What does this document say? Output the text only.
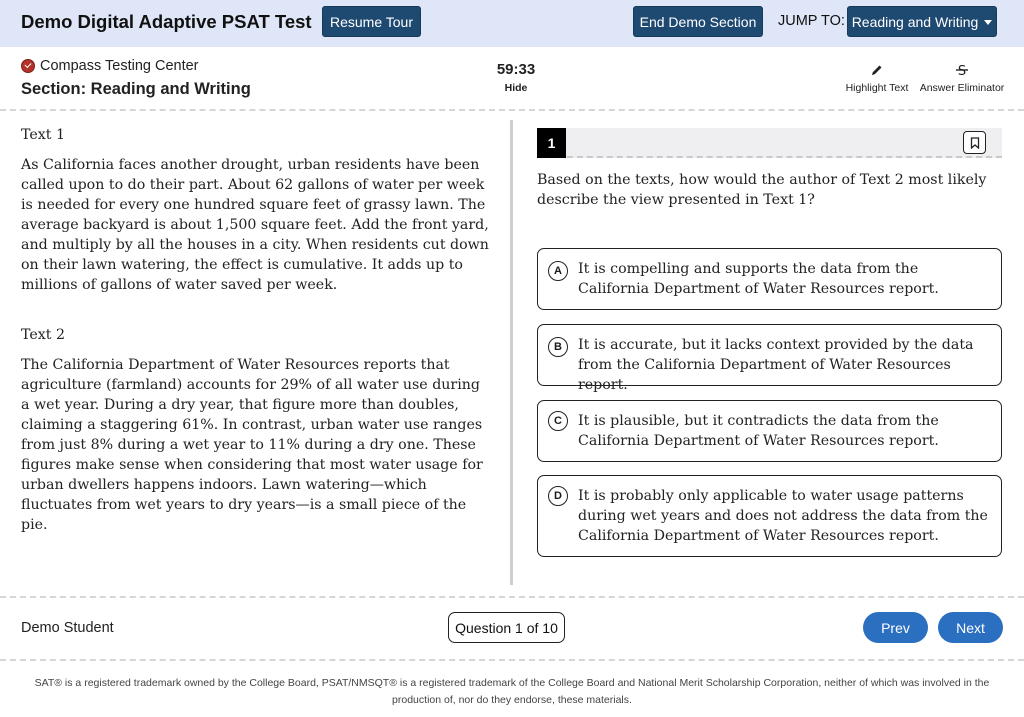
Demo Digital Adaptive PSAT Test	Resume Tour	End Demo Section	JUMP TO: Reading and Writing
Compass Testing Center
Section: Reading and Writing
59:33
Hide	Highlight Text
S
Answer Eliminator
Text 1

As California faces another drought, urban residents have been called upon to do their part. About 62 gallons of water per week is needed for every one hundred square feet of grassy lawn. The average backyard is about 1,500 square feet. Add the front yard, and multiply by all the houses in a city. When residents cut down on their lawn watering, the effect is cumulative. It adds up to millions of gallons of water saved per week.

Text 2

The California Department of Water Resources reports that agriculture (farmland) accounts for 29% of all water use during a wet year. During a dry year, that figure more than doubles, claiming a staggering 61%. In contrast, urban water use ranges from just 8% during a wet year to 11% during a dry one. These figures make sense when considering that most water usage for urban dwellers happens indoors. Lawn watering—which fluctuates from wet years to dry years—is a small piece of the pie.

1
Based on the texts, how would the author of Text 2 most likely describe the view presented in Text 1?
A	It is compelling and supports the data from the California Department of Water Resources report.
B	It is accurate, but it lacks context provided by the data from the California Department of Water Resources report.
C	It is plausible, but it contradicts the data from the California Department of Water Resources report.
D	It is probably only applicable to water usage patterns during wet years and does not address the data from the California Department of Water Resources report.
Demo Student	Question 1 of 10	Prev	Next
SAT® is a registered trademark owned by the College Board, PSAT/NMSQT® is a registered trademark of the College Board and National Merit Scholarship Corporation, neither of which was involved in the production of, nor do they endorse, these materials.
